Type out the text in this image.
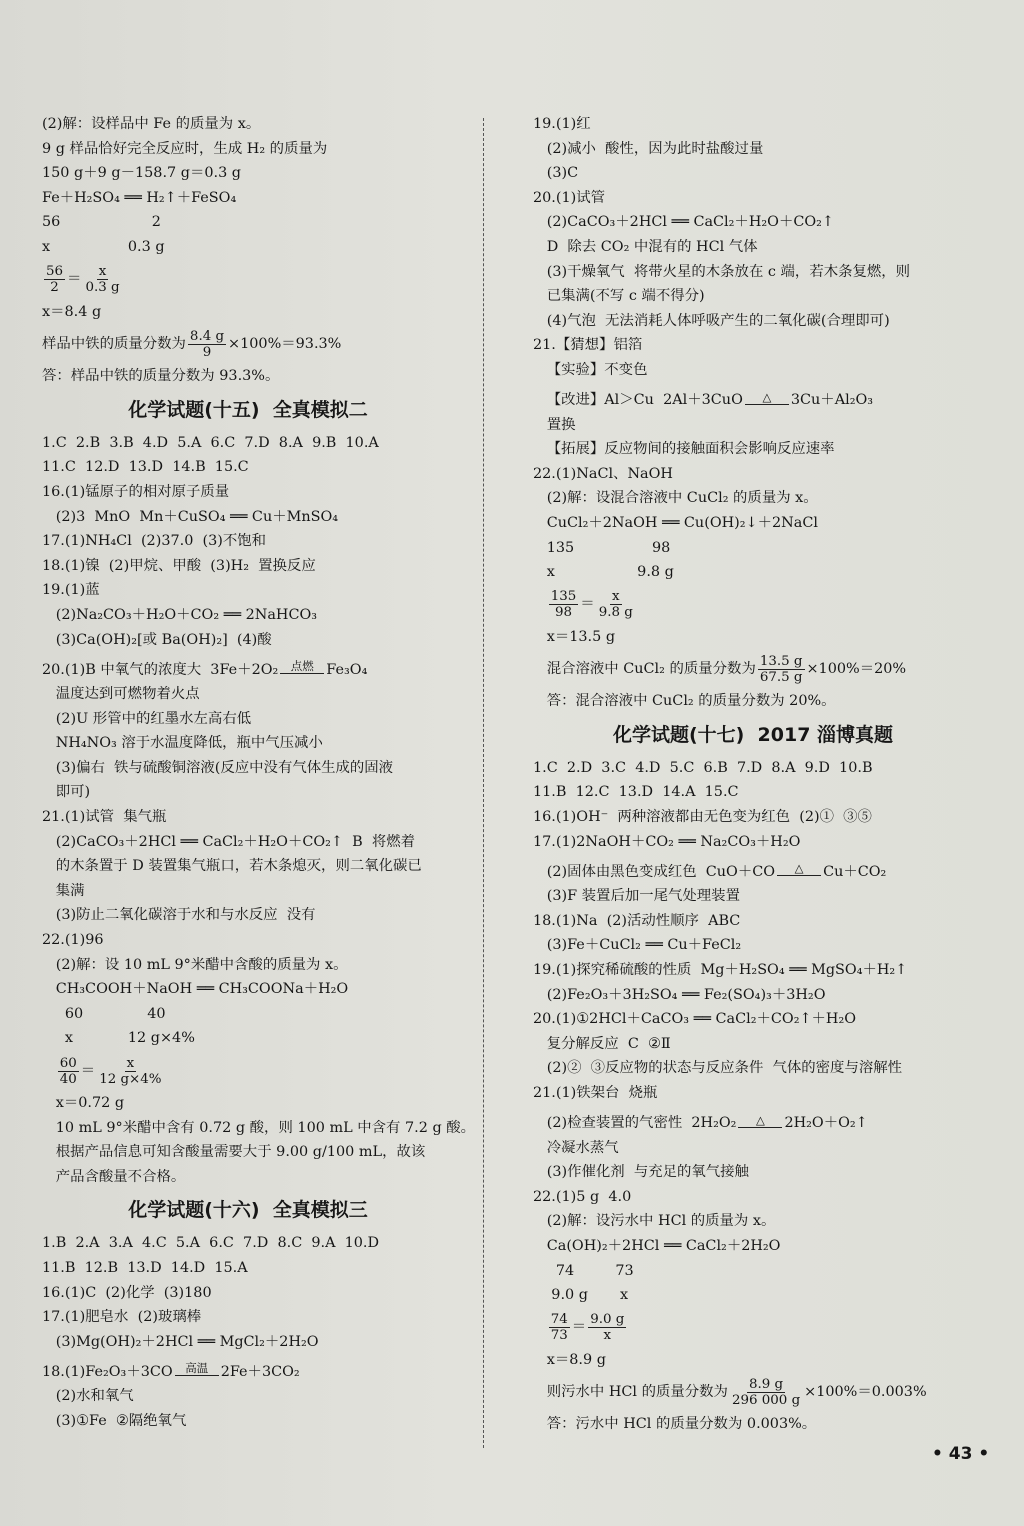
(2)解：设样品中 Fe 的质量为 x。
9 g 样品恰好完全反应时，生成 H₂ 的质量为
150 g＋9 g－158.7 g＝0.3 g
Fe＋H₂SO₄ ══ H₂↑＋FeSO₄
56                    2
x                 0.3 g
$\frac{56}{2} = \frac{x}{0.3 g}$
x＝8.4 g
样品中铁的质量分数为 $\frac{8.4 g}{9} \times 100\%=93.3\%$
答：样品中铁的质量分数为 93.3%。
化学试题(十五)  全真模拟二
1.C  2.B  3.B  4.D  5.A  6.C  7.D  8.A  9.B  10.A
11.C  12.D  13.D  14.B  15.C
16.(1)锰原子的相对原子质量
(2)3  MnO  Mn＋CuSO₄ ══ Cu＋MnSO₄
17.(1)NH₄Cl  (2)37.0  (3)不饱和
18.(1)镍  (2)甲烷、甲酸  (3)H₂  置换反应
19.(1)蓝
(2)Na₂CO₃＋H₂O＋CO₂ ══ 2NaHCO₃
(3)Ca(OH)₂[或 Ba(OH)₂]  (4)酸
20.(1)B 中氧气的浓度大  3Fe＋2O₂ 点燃 Fe₃O₄
温度达到可燃物着火点
(2)U 形管中的红墨水左高右低
NH₄NO₃ 溶于水温度降低，瓶中气压减小
(3)偏右  铁与硫酸铜溶液(反应中没有气体生成的固液
即可)
21.(1)试管  集气瓶
(2)CaCO₃＋2HCl ══ CaCl₂＋H₂O＋CO₂↑  B  将燃着
的木条置于 D 装置集气瓶口，若木条熄灭，则二氧化碳已
集满
(3)防止二氧化碳溶于水和与水反应  没有
22.(1)96
(2)解：设 10 mL 9°米醋中含酸的质量为 x。
CH₃COOH＋NaOH ══ CH₃COONa＋H₂O
60              40
x            12 g×4%

$\frac{60}{40} = \frac{x}{12 g\times 4\%}$
x＝0.72 g
10 mL 9°米醋中含有 0.72 g 酸，则 100 mL 中含有 7.2 g 酸。
根据产品信息可知含酸量需要大于 9.00 g/100 mL，故该
产品含酸量不合格。
化学试题(十六)  全真模拟三
1.B  2.A  3.A  4.C  5.A  6.C  7.D  8.C  9.A  10.D
11.B  12.B  13.D  14.D  15.A
16.(1)C  (2)化学  (3)180
17.(1)肥皂水  (2)玻璃棒
(3)Mg(OH)₂＋2HCl ══ MgCl₂＋2H₂O
18.(1)Fe₂O₃＋3CO 高温 2Fe＋3CO₂
(2)水和氧气
(3)①Fe  ②隔绝氧气
19.(1)红
(2)减小  酸性，因为此时盐酸过量
(3)C
20.(1)试管
(2)CaCO₃＋2HCl ══ CaCl₂＋H₂O＋CO₂↑
D  除去 CO₂ 中混有的 HCl 气体
(3)干燥氧气  将带火星的木条放在 c 端，若木条复燃，则
已集满(不写 c 端不得分)
(4)气泡  无法消耗人体呼吸产生的二氧化碳(合理即可)
21.【猜想】铝箔
【实验】不变色
【改进】Al＞Cu  2Al＋3CuO △ 3Cu＋Al₂O₃
置换
【拓展】反应物间的接触面积会影响反应速率
22.(1)NaCl、NaOH
(2)解：设混合溶液中 CuCl₂ 的质量为 x。
CuCl₂＋2NaOH ══ Cu(OH)₂↓＋2NaCl
135                 98
x                  9.8 g

$\frac{135}{98} = \frac{x}{9.8 g}$
x＝13.5 g
混合溶液中 CuCl₂ 的质量分数为 $\frac{13.5 g}{67.5 g} \times 100\%=20\%$
答：混合溶液中 CuCl₂ 的质量分数为 20%。
化学试题(十七)  2017 淄博真题
1.C  2.D  3.C  4.D  5.C  6.B  7.D  8.A  9.D  10.B
11.B  12.C  13.D  14.A  15.C
16.(1)OH⁻  两种溶液都由无色变为红色  (2)①  ③⑤
17.(1)2NaOH＋CO₂ ══ Na₂CO₃＋H₂O
(2)固体由黑色变成红色  CuO＋CO △ Cu＋CO₂
(3)F 装置后加一尾气处理装置
18.(1)Na  (2)活动性顺序  ABC
(3)Fe＋CuCl₂ ══ Cu＋FeCl₂
19.(1)探究稀硫酸的性质  Mg＋H₂SO₄ ══ MgSO₄＋H₂↑
(2)Fe₂O₃＋3H₂SO₄ ══ Fe₂(SO₄)₃＋3H₂O
20.(1)①2HCl＋CaCO₃ ══ CaCl₂＋CO₂↑＋H₂O
复分解反应  C  ②Ⅱ
(2)②  ③反应物的状态与反应条件  气体的密度与溶解性
21.(1)铁架台  烧瓶
(2)检查装置的气密性  2H₂O₂ △ 2H₂O＋O₂↑
冷凝水蒸气
(3)作催化剂  与充足的氧气接触
22.(1)5 g  4.0
(2)解：设污水中 HCl 的质量为 x。
Ca(OH)₂＋2HCl ══ CaCl₂＋2H₂O
74         73
9.0 g       x

$\frac{74}{73} = \frac{9.0 g}{x}$
x＝8.9 g
则污水中 HCl 的质量分数为 $\frac{8.9 g}{296 000 g} \times 100\%=0.003\%$
答：污水中 HCl 的质量分数为 0.003%。
• 43 •
